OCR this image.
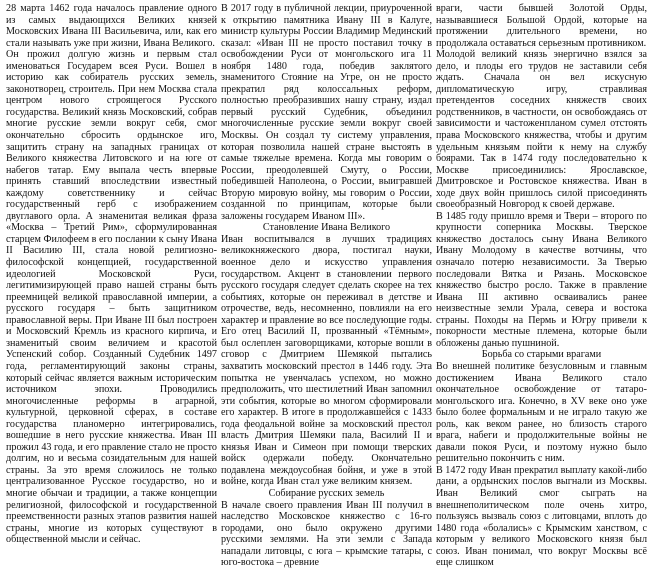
28 марта 1462 года началось правление одного из самых выдающихся Великих князей Московских Ивана III Васильевича, или, как его стали называть уже при жизни, Ивана Великого.

Он прожил долгую жизнь и первым стал именоваться Государем всея Руси. Вошел в историю как собиратель русских земель, законотворец, строитель. При нем Москва стала центром нового строящегося Русского государства. Великий князь Московский, собрав многие русские земли вокруг себя, смог окончательно сбросить ордынское иго, защитить страну на западных границах от Великого княжества Литовского и на юге от набегов татар. Ему выпала честь впервые принять ставший впоследствии известный каждому советственнику и сейчас государственный герб с изображением двуглавого орла. А знаменитая великая фраза «Москва – Третий Рим», сформулированная старцем Филофеем в его послании к сыну Ивана II Василию III, стала новой религиозно-философской концепцией, государственной идеологией Московской Руси, легитимизирующей право нашей страны быть преемницей великой православной империи, а русского государя – быть защитником православной веры. При Иване III был построен и Московский Кремль из красного кирпича, и знаменитый своим величием и красотой Успенский собор. Созданный Судебник 1497 года, регламентирующий законы страны, который сейчас является важным историческим источником эпохи. Проводились многочисленные реформы в аграрной, культурной, церковной сферах, в составе государства планомерно интегрировались, вошедшие в него русские княжества. Иван III прожил 43 года, и его правление стало не просто долгим, но и весьма созидательным для нашей страны. За это время сложилось не только централизованное Русское государство, но и многие обычаи и традиции, а также концепции религиозной, философской и государственной преемственности разных этапов развития нашей страны, многие из которых существуют в общественной мысли и сейчас.

В 2017 году в публичной лекции, приуроченной к открытию памятника Ивану III в Калуге, министр культуры России Владимир Мединский сказал: «Иван III не просто поставил точку в освобождении Руси от монгольского ига 11 ноября 1480 года, победив заклятого знаменитого Стояние на Угре, он не просто прекратил ряд колоссальных реформ, полностью преобразивших нашу страну, издал первый русский Судебник, объединил многочисленные русские земли вокруг своей Москвы. Он создал ту систему управления, которая позволила нашей стране выстоять в самые тяжелые времена. Когда мы говорим о России, преодолевшей Смуту, о России, победившей Наполеона, о России, выигравшей Вторую мировую войну, мы говорим о России, созданной по принципам, которые были заложены государем Иваном III».

Становление Ивана Великого

Иван воспитывался в лучших традициях великокняжеского двора, постигал науки, военное дело и искусство управления государством. Акцент в становлении первого русского государя следует сделать скорее на тех событиях, которые он переживал в детстве и отрочестве, ведь, несомненно, повлияли на его характер и правление во все последующие годы. Его отец Василий II, прозванный «Тёмным», был ослеплен заговорщиками, которые вошли в сговор с Дмитрием Шемякой пытались захватить московский престол в 1446 году. Эта попытка не увенчалась успехом, но можно предположить, что шестилетний Иван запомнил эти события, которые во многом сформировали его характер. В итоге в продолжавшейся с 1433 года феодальной войне за московский престол власть Дмитрия Шемяки пала, Василий II и князья Иван и Симеон при помощи тверских войск одержали победу. Окончательно подавлена междоусобная бойня, и уже в этой войне, когда Иван стал уже великим князем.

Собирание русских земель

В начале своего правления Иван III получил в наследство Московское княжество с 16-го городами, оно было окружено другими русскими землями. На эти земли с Запада нападали литовцы, с юга – крымские татары, с юго-востока – древние

враги, части бывшей Золотой Орды, называвшиеся Большой Ордой, которые на протяжении длительного времени, но продолжала оставаться серьезным противником.

Молодой великий князь энергично взялся за дело, и плоды его трудов не заставили себя ждать. Сначала он вел искусную дипломатическую игру, стравливая претендентов соседних княжеств своих родственников, в частности, он освобождаясь от зависимости и частоженпланом сумел отстоять права Московского княжества, чтобы и другим удельным князьям пойти к нему на службу боярами. Так в 1474 году последовательно к Москве присоединились: Ярославское, Дмитровское и Ростовское княжества. Иван в ходе двух войн пришлось силой присоединять своеобразный Новгород к своей державе.

В 1485 году пришло время и Твери – второго по крупности соперника Москвы. Тверское княжество досталось сыну Ивана Великого Ивану Молодому в качестве вотчины, что означало потерю независимости. За Тверью последовали Вятка и Рязань. Московское княжество быстро росло. Также в правление Ивана III активно осваивались ранее неизвестные земли Урала, севера и востока страны. Походы на Пермь и Югру привели к покорности местные племена, которые были обложены данью пушниной.

Борьба со старыми врагами

Во внешней политике безусловным и главным достижением Ивана Великого стало окончательное освобождение от татаро-монгольского ига. Конечно, в XV веке оно уже было более формальным и не играло такую же роль, как веком ранее, но близость старого врага, набеги и продолжительные войны не давали покоя Руси, и поэтому нужно было решительно покончить с ним.

В 1472 году Иван прекратил выплату какой-либо дани, а ордынских послов выгнали из Москвы. Иван Великий смог сыграть на внешнеполитическом поле очень хитро, пользуясь вызваль союз с литовцами, вплоть до 1480 года «болались» с Крымским ханством, с которым у великого Московского князя был союз. Иван понимал, что вокруг Москвы всё еще слишком
